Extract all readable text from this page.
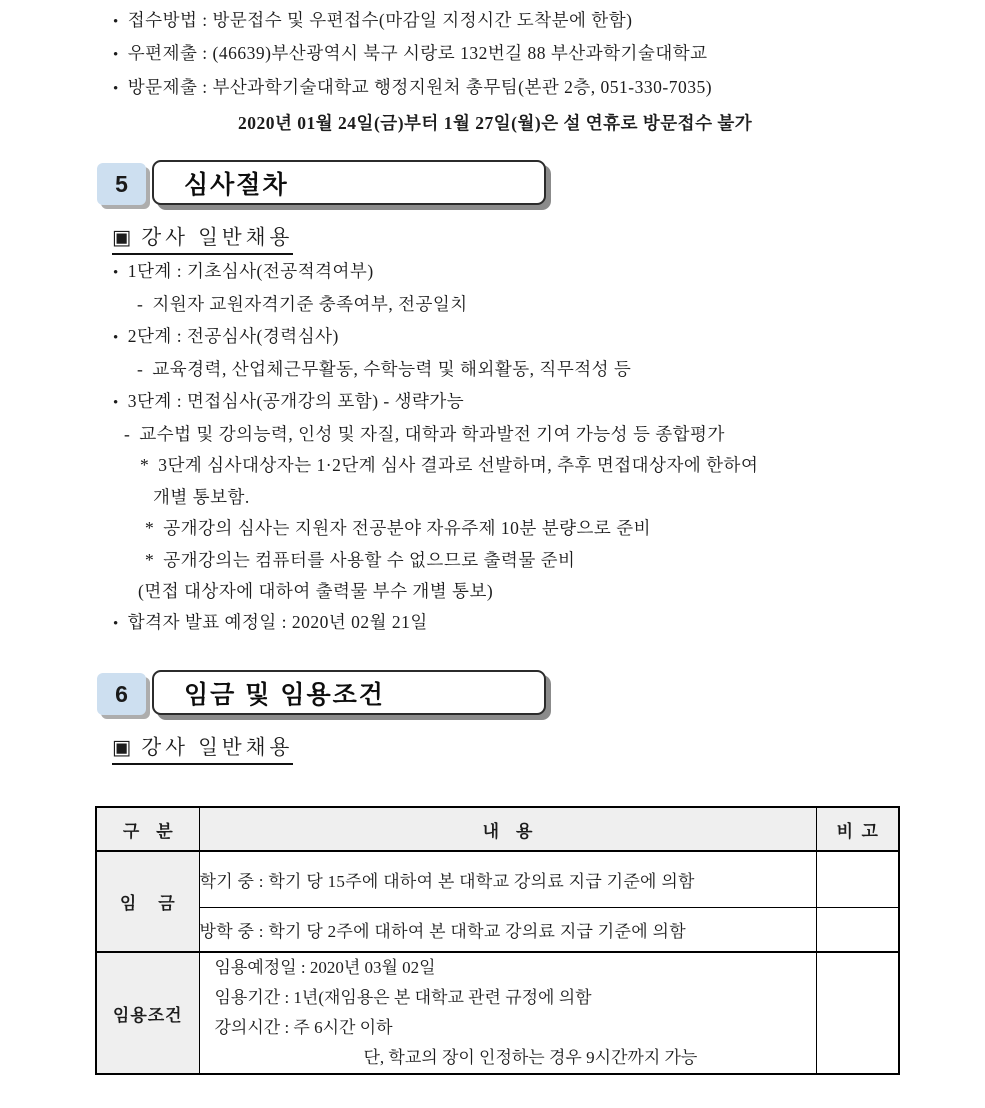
• 접수방법 : 방문접수 및 우편접수(마감일 지정시간 도착분에 한함)
• 우편제출 : (46639)부산광역시 북구 시랑로 132번길 88 부산과학기술대학교
• 방문제출 : 부산과학기술대학교 행정지원처 총무팀(본관 2층, 051-330-7035)
2020년 01월 24일(금)부터 1월 27일(월)은 설 연휴로 방문접수 불가
5	심사절차
▣ 강사 일반채용
• 1단계 : 기초심사(전공적격여부)
- 지원자 교원자격기준 충족여부, 전공일치
• 2단계 : 전공심사(경력심사)
- 교육경력, 산업체근무활동, 수학능력 및 해외활동, 직무적성 등
• 3단계 : 면접심사(공개강의 포함) - 생략가능
- 교수법 및 강의능력, 인성 및 자질, 대학과 학과발전 기여 가능성 등 종합평가
* 3단계 심사대상자는 1·2단계 심사 결과로 선발하며, 추후 면접대상자에 한하여
개별 통보함.
* 공개강의 심사는 지원자 전공분야 자유주제 10분 분량으로 준비
* 공개강의는 컴퓨터를 사용할 수 없으므로 출력물 준비
(면접 대상자에 대하여 출력물 부수 개별 통보)
• 합격자 발표 예정일 : 2020년 02월 21일
6	임금 및 임용조건
▣ 강사 일반채용
구    분	내    용	비  고
임    금	학기 중 : 학기 당 15주에 대하여 본 대학교 강의료 지급 기준에 의함	
	방학 중 : 학기 당 2주에 대하여 본 대학교 강의료 지급 기준에 의함	
임용조건	임용예정일 : 2020년 03월 02일
임용기간 : 1년(재임용은 본 대학교 관련 규정에 의함
강의시간 : 주 6시간 이하
단, 학교의 장이 인정하는 경우 9시간까지 가능	
